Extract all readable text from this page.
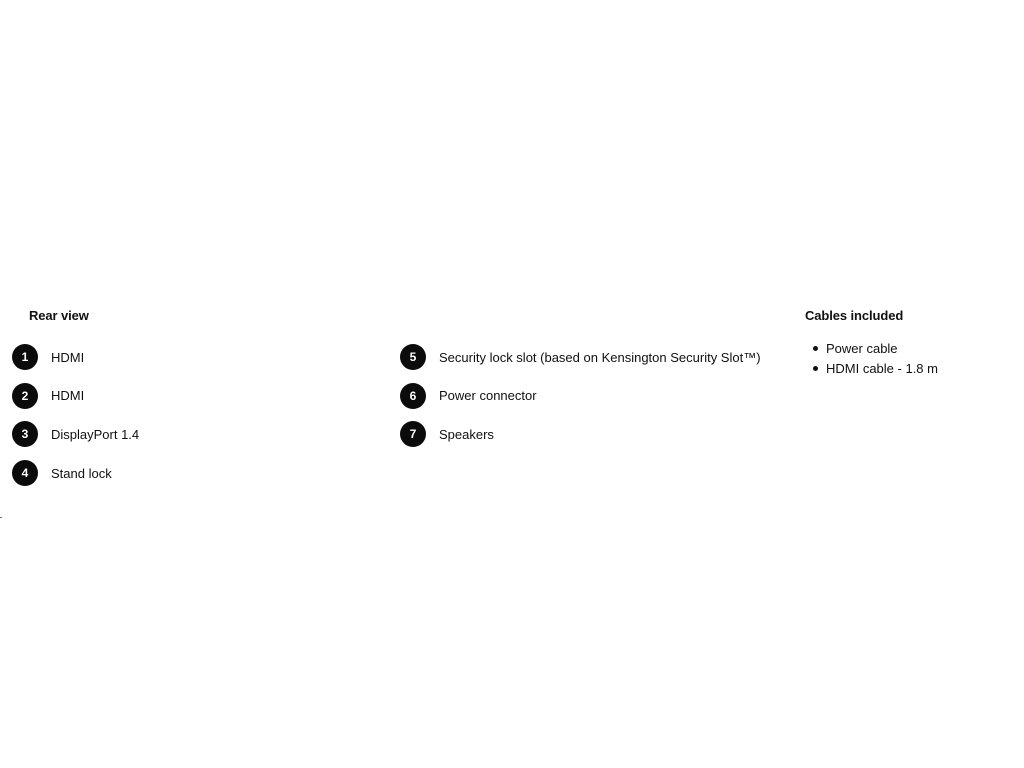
Rear view
1	HDMI
2	HDMI
3	DisplayPort 1.4
4	Stand lock
5	Security lock slot (based on Kensington Security Slot™)
6	Power connector
7	Speakers
Cables included
Power cable
HDMI cable - 1.8 m
